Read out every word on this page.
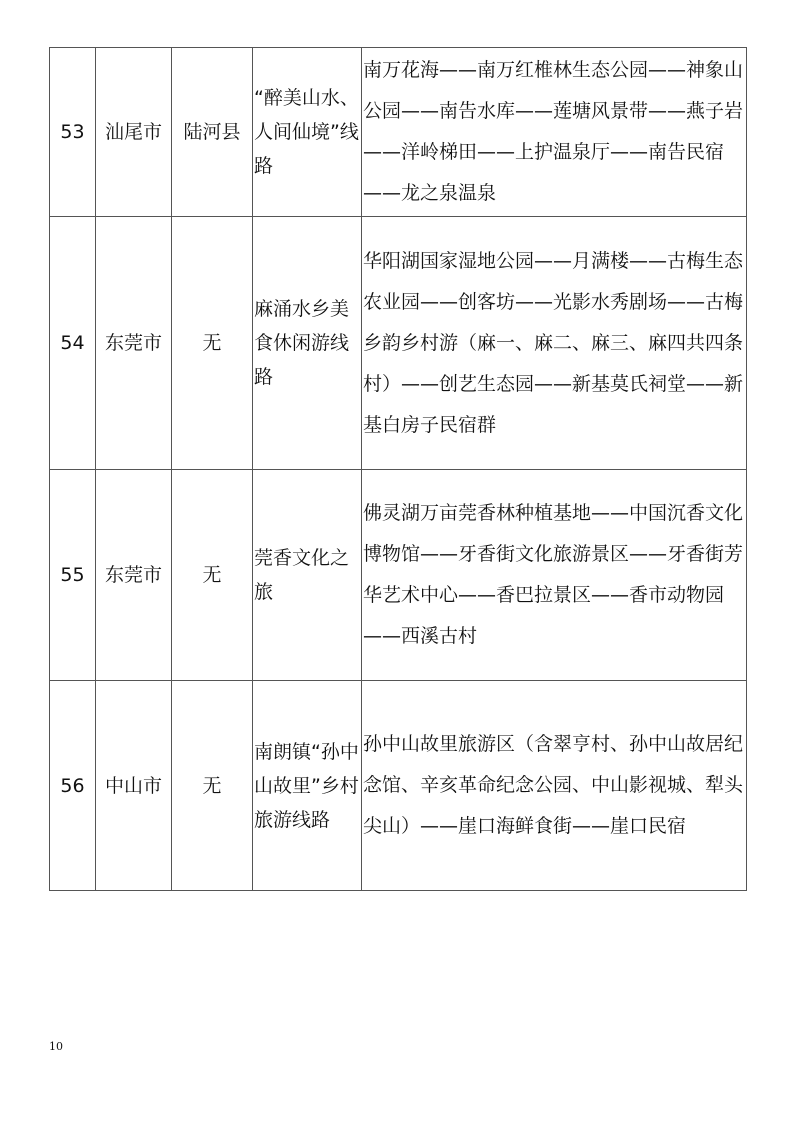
53	汕尾市	陆河县	“醉美山水、人间仙境”线路	南万花海——南万红椎林生态公园——神象山公园——南告水库——莲塘风景带——燕子岩——洋岭梯田——上护温泉厅——南告民宿——龙之泉温泉

54	东莞市	无	麻涌水乡美食休闲游线路	华阳湖国家湿地公园——月满楼——古梅生态农业园——创客坊——光影水秀剧场——古梅乡韵乡村游（麻一、麻二、麻三、麻四共四条村）——创艺生态园——新基莫氏祠堂——新基白房子民宿群

55	东莞市	无	莞香文化之旅	佛灵湖万亩莞香林种植基地——中国沉香文化博物馆——牙香街文化旅游景区——牙香街芳华艺术中心——香巴拉景区——香市动物园——西溪古村

56	中山市	无	南朗镇“孙中山故里”乡村旅游线路	孙中山故里旅游区（含翠亨村、孙中山故居纪念馆、辛亥革命纪念公园、中山影视城、犁头尖山）——崖口海鲜食街——崖口民宿
10
